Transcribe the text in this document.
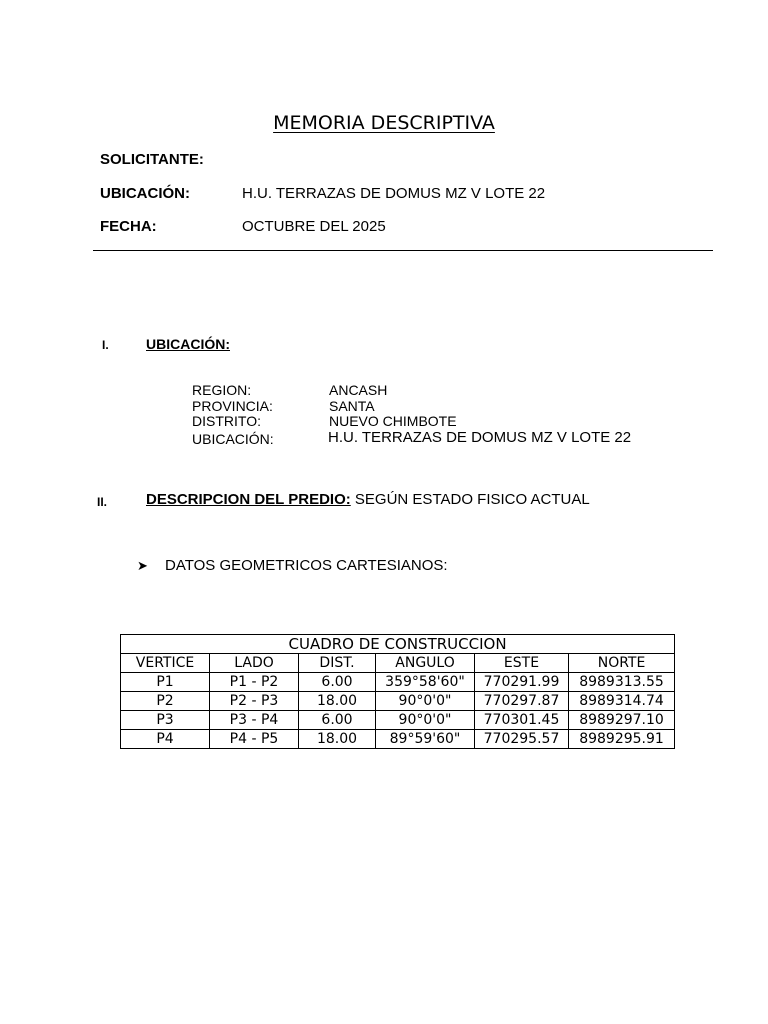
MEMORIA DESCRIPTIVA
SOLICITANTE:
UBICACIÓN:	H.U. TERRAZAS DE DOMUS MZ V LOTE 22
FECHA:	OCTUBRE DEL 2025
I.	UBICACIÓN:
REGION:	ANCASH
PROVINCIA:	SANTA
DISTRITO:	NUEVO CHIMBOTE
UBICACIÓN:	H.U. TERRAZAS DE DOMUS MZ V LOTE 22
II.	DESCRIPCION DEL PREDIO: SEGÚN ESTADO FISICO ACTUAL
➤ DATOS GEOMETRICOS CARTESIANOS:
CUADRO DE CONSTRUCCION					
VERTICE	LADO	DIST.	ANGULO	ESTE	NORTE
P1	P1 - P2	6.00	359°58'60"	770291.99	8989313.55
P2	P2 - P3	18.00	90°0'0"	770297.87	8989314.74
P3	P3 - P4	6.00	90°0'0"	770301.45	8989297.10
P4	P4 - P5	18.00	89°59'60"	770295.57	8989295.91
